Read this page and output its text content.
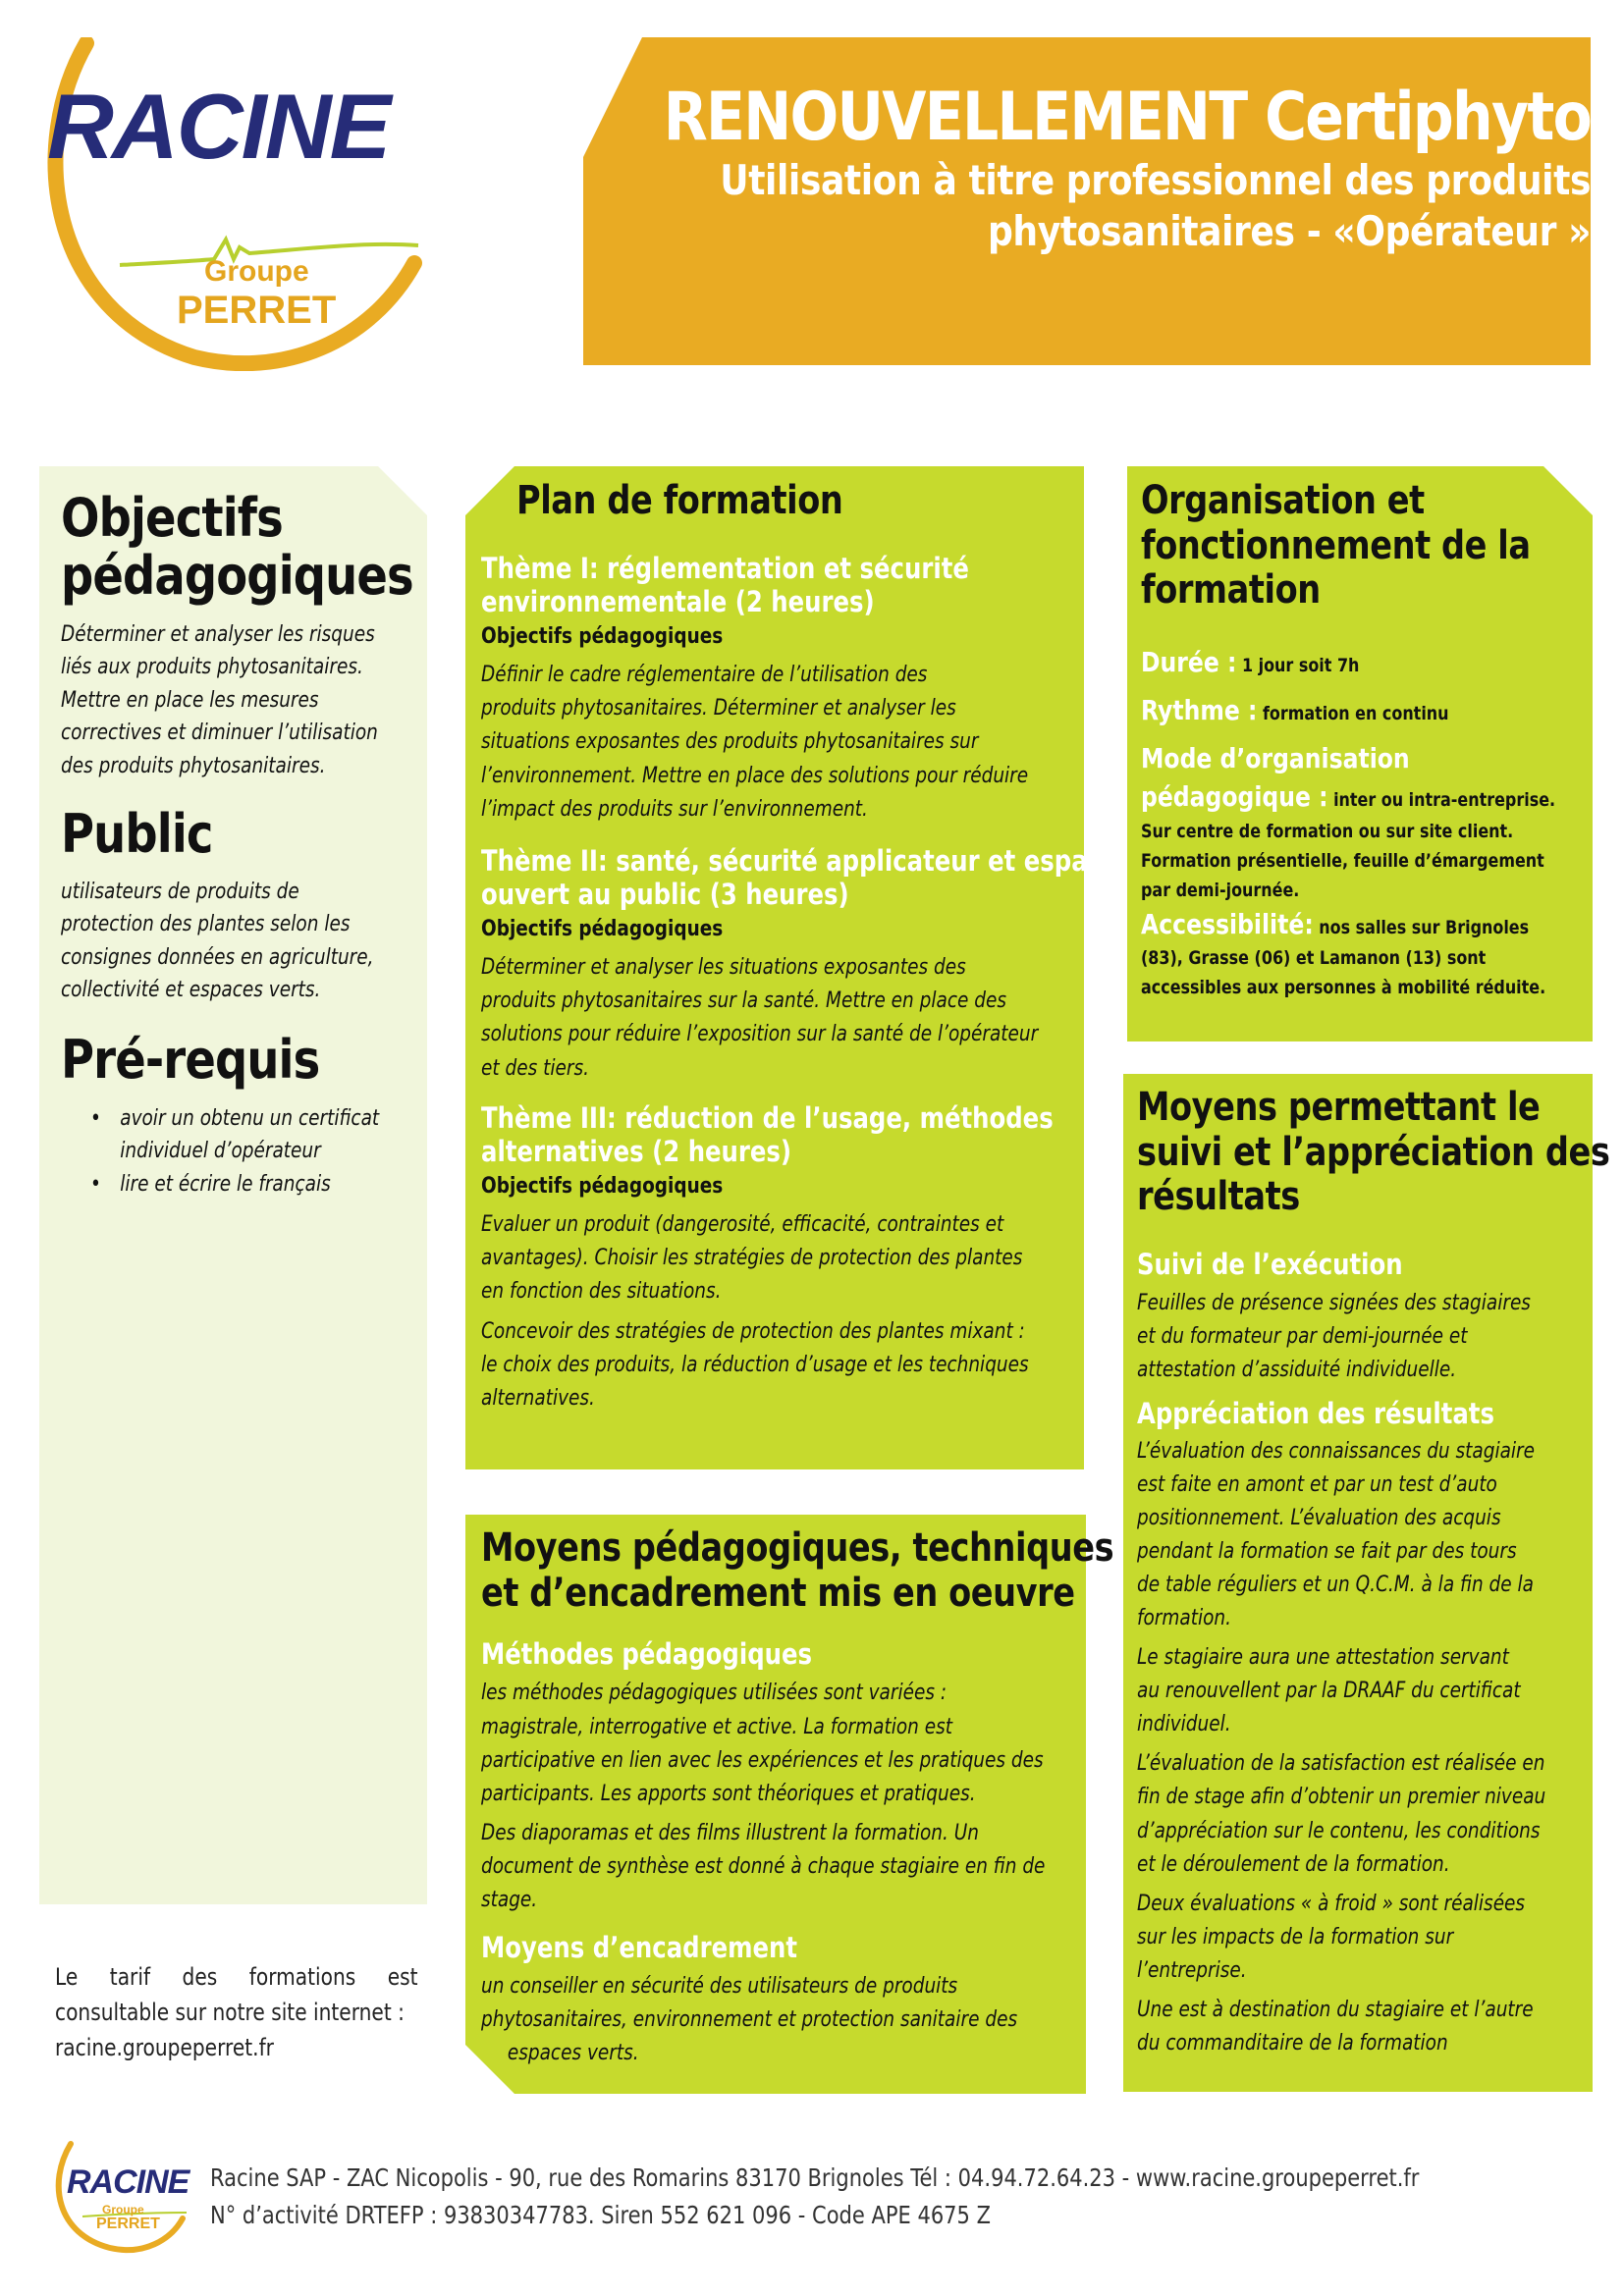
RACINE
Groupe
PERRET
RENOUVELLEMENT Certiphyto
Utilisation à titre professionnel des produits
phytosanitaires - «Opérateur »
Objectifs
pédagogiques
Déterminer et analyser les risques
liés aux produits phytosanitaires.
Mettre en place les mesures
correctives et diminuer l’utilisation
des produits phytosanitaires.
Public
utilisateurs de produits de
protection des plantes selon les
consignes données en agriculture,
collectivité et espaces verts.
Pré-requis
• avoir un obtenu un certificat
individuel d’opérateur
• lire et écrire le français
Le tarif des formations est
consultable sur notre site internet :
racine.groupeperret.fr
Plan de formation
Thème I: réglementation et sécurité
environnementale (2 heures)
Objectifs pédagogiques
Définir le cadre réglementaire de l’utilisation des
produits phytosanitaires. Déterminer et analyser les
situations exposantes des produits phytosanitaires sur
l’environnement. Mettre en place des solutions pour réduire
l’impact des produits sur l’environnement.
Thème II: santé, sécurité applicateur et espace
ouvert au public (3 heures)
Objectifs pédagogiques
Déterminer et analyser les situations exposantes des
produits phytosanitaires sur la santé. Mettre en place des
solutions pour réduire l’exposition sur la santé de l’opérateur
et des tiers.
Thème III: réduction de l’usage, méthodes
alternatives (2 heures)
Objectifs pédagogiques
Evaluer un produit (dangerosité, efficacité, contraintes et
avantages). Choisir les stratégies de protection des plantes
en fonction des situations.
Concevoir des stratégies de protection des plantes mixant :
le choix des produits, la réduction d’usage et les techniques
alternatives.
Moyens pédagogiques, techniques
et d’encadrement mis en oeuvre
Méthodes pédagogiques
les méthodes pédagogiques utilisées sont variées :
magistrale, interrogative et active. La formation est
participative en lien avec les expériences et les pratiques des
participants. Les apports sont théoriques et pratiques.
Des diaporamas et des films illustrent la formation. Un
document de synthèse est donné à chaque stagiaire en fin de
stage.
Moyens d’encadrement
un conseiller en sécurité des utilisateurs de produits
phytosanitaires, environnement et protection sanitaire des
espaces verts.
Organisation et
fonctionnement de la
formation
Durée : 1 jour soit 7h
Rythme : formation en continu
Mode d’organisation
pédagogique : inter ou intra-entreprise.
Sur centre de formation ou sur site client.
Formation présentielle, feuille d’émargement
par demi-journée.
Accessibilité: nos salles sur Brignoles
(83), Grasse (06) et Lamanon (13) sont
accessibles aux personnes à mobilité réduite.
Moyens permettant le
suivi et l’appréciation des
résultats
Suivi de l’exécution
Feuilles de présence signées des stagiaires
et du formateur par demi-journée et
attestation d’assiduité individuelle.
Appréciation des résultats
L’évaluation des connaissances du stagiaire
est faite en amont et par un test d’auto
positionnement. L’évaluation des acquis
pendant la formation se fait par des tours
de table réguliers et un Q.C.M. à la fin de la
formation.
Le stagiaire aura une attestation servant
au renouvellent par la DRAAF du certificat
individuel.
L’évaluation de la satisfaction est réalisée en
fin de stage afin d’obtenir un premier niveau
d’appréciation sur le contenu, les conditions
et le déroulement de la formation.
Deux évaluations « à froid » sont réalisées
sur les impacts de la formation sur
l’entreprise.
Une est à destination du stagiaire et l’autre
du commanditaire de la formation
RACINE
Groupe
PERRET
Racine SAP - ZAC Nicopolis - 90, rue des Romarins 83170 Brignoles Tél : 04.94.72.64.23 - www.racine.groupeperret.fr
N° d’activité DRTEFP : 93830347783. Siren 552 621 096 - Code APE 4675 Z
